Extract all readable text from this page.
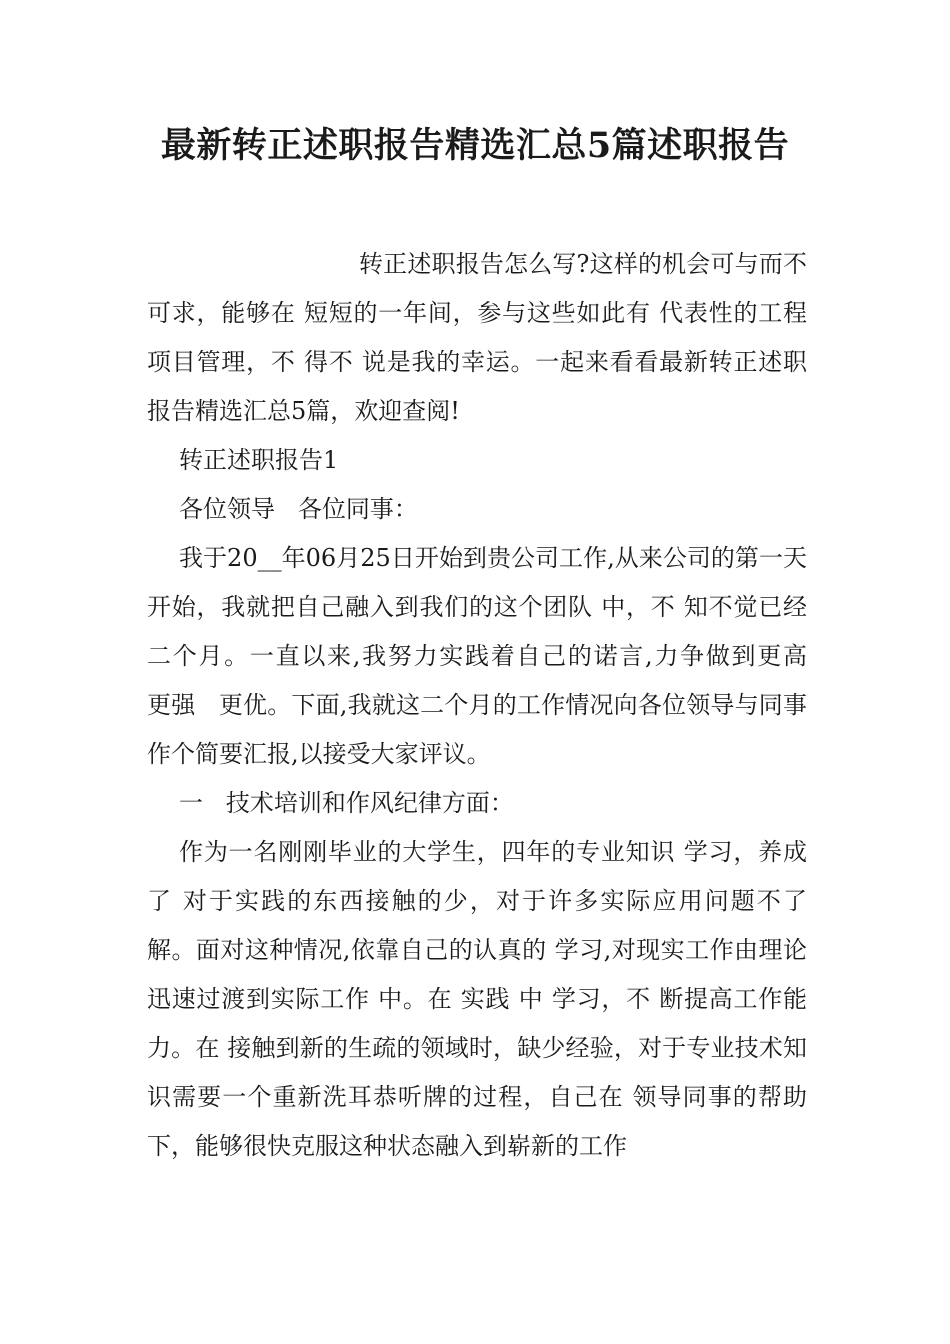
最新转正述职报告精选汇总5篇述职报告

转正述职报告怎么写?这样的机会可与而不 可求，能够在 短短的一年间，参与这些如此有 代表性的工程项目管理，不 得不 说是我的幸运。一起来看看最新转正述职报告精选汇总5篇，欢迎查阅!

转正述职报告1

各位领导   各位同事：

我于20__年06月25日开始到贵公司工作,从来公司的第一天开始，我就把自己融入到我们的这个团队 中，不 知不觉已经二个月。一直以来,我努力实践着自己的诺言,力争做到更高   更强   更优。下面,我就这二个月的工作情况向各位领导与同事作个简要汇报,以接受大家评议。

一   技术培训和作风纪律方面：

作为一名刚刚毕业的大学生，四年的专业知识 学习，养成了 对于实践的东西接触的少，对于许多实际应用问题不了 解。面对这种情况,依靠自己的认真的 学习,对现实工作由理论迅速过渡到实际工作 中。在 实践 中 学习，不 断提高工作能力。在 接触到新的生疏的领域时，缺少经验，对于专业技术知识需要一个重新洗耳恭听牌的过程，自己在 领导同事的帮助下，能够很快克服这种状态融入到崭新的工作
